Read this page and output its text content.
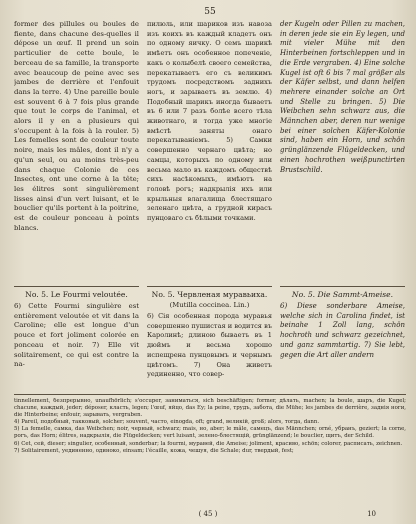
55
former des pillules ou boules de fiente, dans chacune des-quelles il dépose un œuf. Il prend un soin particulier de cette boule, le berceau de sa famille, la transporte avec beaucoup de peine avec ses jambes de derrière et l'enfouit dans la terre. 4) Une pareille boule est souvent 6 à 7 fois plus grande que tout le corps de l'animal, et alors il y en a plusieurs qui s'occupent à la fois à la rouler. 5) Les femelles sont de couleur toute noire, mais les mâles, dont il n'y a qu'un seul, ou au moins très-peu dans chaque Colonie de ces Insectes, ont une corne à la tête; les élitres sont singulièrement lisses ainsi d'un vert luisant, et le bouclier qu'ils portent à la poitrine, est de couleur ponceau à points blancs.
No. 5. Le Fourmi veloutée.
6) Cette Fourmi singulière est entièrement veloutée et vit dans la Caroline; elle est longue d'un pouce et fort joliment colorée en ponceau et noir. 7) Elle vit solitairement, ce qui est contre la na-
пилюль, или шариков изъ навоза изъ коихъ въ каждый кладетъ онъ по одному яичку. О семъ шарикѣ имѣетъ онъ особенное попеченіе, какъ о колыбелѣ своего семейства, перекатываетъ его съ великимъ трудомъ посредствомъ заднихъ ногъ, и зарываетъ въ землю. 4) Подобный шарикъ иногда бываетъ въ 6 или 7 разъ болѣе всего тѣла животнаго, и тогда уже многіе вмѣстѣ заняты онаго перекатываніемъ. 5) Самки совершенно чернаго цвѣта; но самцы, которыхъ по одному или весьма мало въ каждомъ обществѣ сихъ насѣкомыхъ, имѣютъ на головѣ рогъ; надкрылія ихъ или крыльныя влагалища блестящаго зеленаго цвѣта, а грудной кирасъ пунцоваго съ бѣлыми точками.
No. 5. Червленая муравьиха.
(Mutilla coccinea. Lin.)
6) Сія особенная порода муравья совершенно пушистая и водится въ Каролинѣ; длиною бываетъ въ 1 дюймъ и весьма хорошо испещрена пунцовымъ и чернымъ цвѣтомъ. 7) Она живетъ уединенно, что совер-
der Kugeln oder Pillen zu machen, in deren jede sie ein Ey legen, und mit vieler Mühe mit den Hinterbeinen fortschleppen und in die Erde vergraben. 4) Eine solche Kugel ist oft 6 bis 7 mal größer als der Käfer selbst, und dann helfen mehrere einander solche an Ort und Stelle zu bringen. 5) Die Weibchen sehn schwarz aus, die Männchen aber, deren nur wenige bei einer solchen Käfer-Kolonie sind, haben ein Horn, und schön grünglänzende Flügeldecken, und einen hochrothen weißpunctirten Brustschild.
No. 5. Die Sammt-Ameise.
6) Diese sonderbare Ameise, welche sich in Carolina findet, ist beinahe 1 Zoll lang, schön hochroth und schwarz gezeichnet, und ganz sammtartig. 7) Sie lebt, gegen die Art aller andern
tinnellement, безпрерывно, unaufhörlich; s'occuper, заниматься, sich beschäftigen; former, дѣлать, machen; la boule, шаръ, die Kugel; chacune, каждый, jeder; déposer, класть, legen; l'œuf, яйцо, das Ey; la peine, трудъ, забота, die Mühe; les jambes de derrière, заднія ноги, die Hinterbeine; enfouir, зарывать, vergraben.
4) Pareil, подобный, такковый, solcher; souvent, часто, einogda, oft; grand, великій, groß; alors, тогда, dann.
5) La femelle, самка, das Weibchen; noir, черный, schwarz; mais, но, aber; le mâle, самецъ, das Männchen; orné, убранъ, geziert; la corne, рогъ, das Horn; élitres, надкрылія, die Flügeldecken; vert luisant, зелено-блестящій, grünglänzend; le bouclier, щитъ, der Schild.
6) Cet, сей, dieser; singulier, особенный, sonderbar; la fourmi, муравей, die Ameise; joliment, красиво, schön; colorer, расписать, zeichnen.
7) Solitairement, уединенно, одиноко, einsam; l'écaille, кожа, чешуя, die Schale; dur, твердый, fest;
( 45 )	10
